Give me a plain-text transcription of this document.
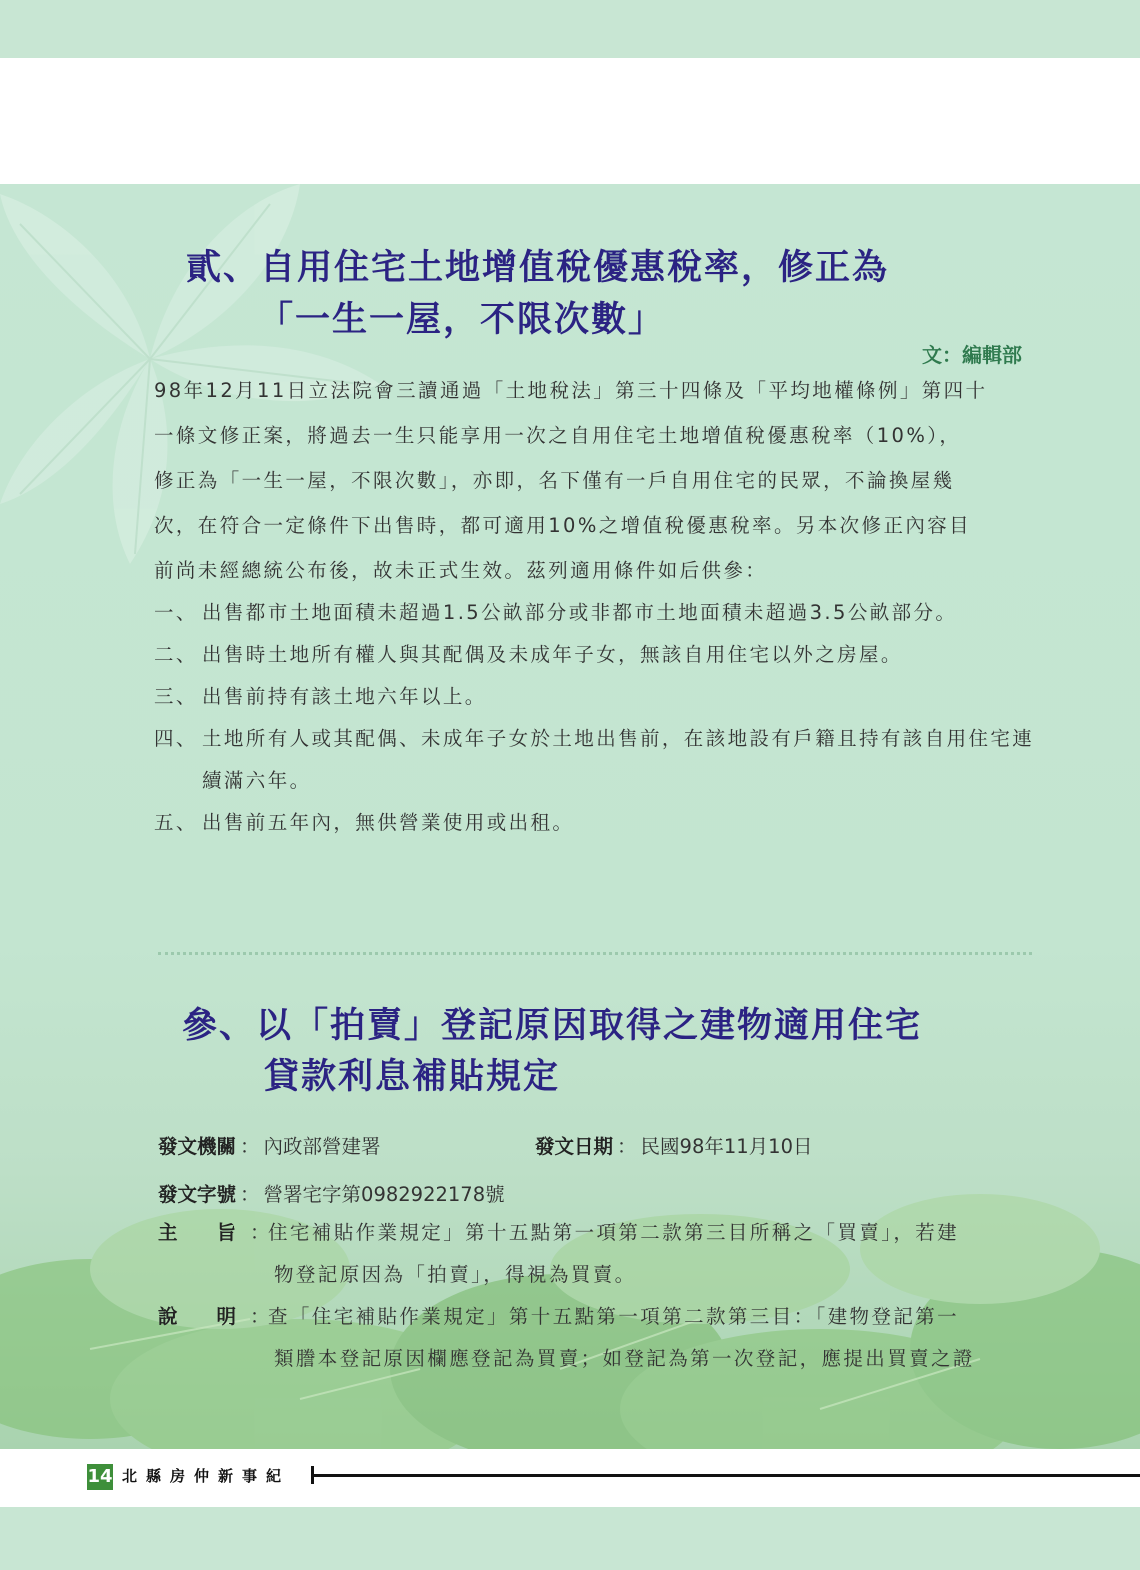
貳、自用住宅土地增值稅優惠稅率，修正為
「一生一屋，不限次數」
文：編輯部

98年12月11日立法院會三讀通過「土地稅法」第三十四條及「平均地權條例」第四十

一條文修正案，將過去一生只能享用一次之自用住宅土地增值稅優惠稅率（10%），

修正為「一生一屋，不限次數」，亦即，名下僅有一戶自用住宅的民眾，不論換屋幾

次，在符合一定條件下出售時，都可適用10%之增值稅優惠稅率。另本次修正內容目

前尚未經總統公布後，故未正式生效。茲列適用條件如后供參：

一、 出售都市土地面積未超過1.5公畝部分或非都市土地面積未超過3.5公畝部分。
二、 出售時土地所有權人與其配偶及未成年子女，無該自用住宅以外之房屋。
三、 出售前持有該土地六年以上。
四、 土地所有人或其配偶、未成年子女於土地出售前，在該地設有戶籍且持有該自用住宅連續滿六年。
五、 出售前五年內，無供營業使用或出租。
參、以「拍賣」登記原因取得之建物適用住宅
貸款利息補貼規定
發文機關 ： 內政部營建署	發文日期 ： 民國98年11月10日
發文字號 ： 營署宅字第0982922178號
主　　旨 ：
住宅補貼作業規定」第十五點第一項第二款第三目所稱之「買賣」，若建
物登記原因為「拍賣」，得視為買賣。
說　　明 ：
查「住宅補貼作業規定」第十五點第一項第二款第三目：「建物登記第一
類謄本登記原因欄應登記為買賣；如登記為第一次登記，應提出買賣之證
14 北縣房仲新事紀
